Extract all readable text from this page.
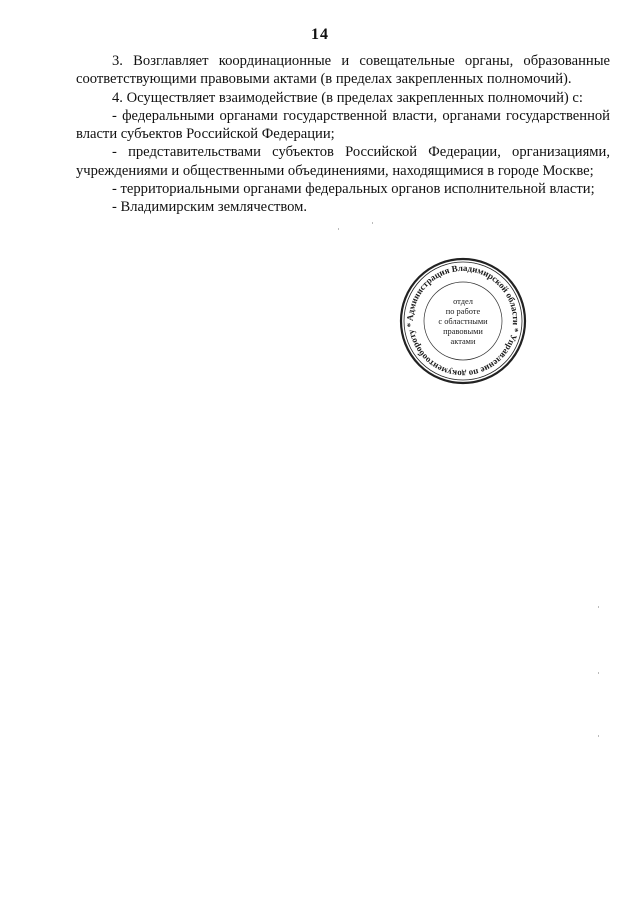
14

3. Возглавляет координационные и совещательные органы, образованные соответствующими правовыми актами (в пределах закрепленных полномочий).

4. Осуществляет взаимодействие (в пределах закрепленных полномочий) с:

- федеральными органами государственной власти, органами государственной власти субъектов Российской Федерации;

- представительствами субъектов Российской Федерации, организациями, учреждениями и общественными объединениями, находящимися в городе Москве;

- территориальными органами федеральных органов исполнительной власти;

- Владимирским землячеством.

Администрация Владимирской области * Управление по документообороту *
отдел
по работе
с областными
правовыми
актами
